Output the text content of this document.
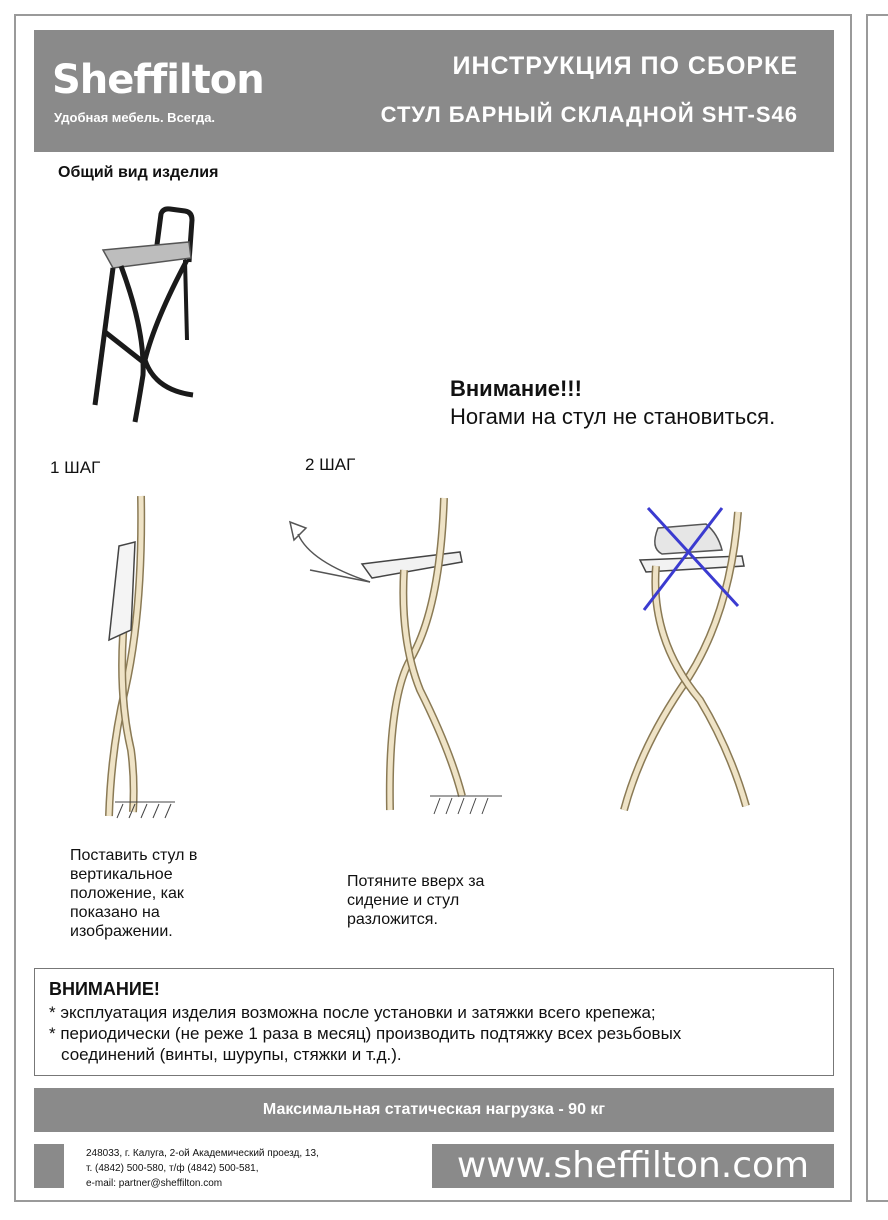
Sheffilton
Удобная мебель. Всегда.
ИНСТРУКЦИЯ ПО СБОРКЕ
СТУЛ БАРНЫЙ СКЛАДНОЙ SHT-S46
Общий вид изделия
Внимание!!!
Ногами на стул не становиться.
1 ШАГ	2 ШАГ
Поставить стул в вертикальное положение, как показано на изображении.
Потяните вверх за сидение и стул разложится.
ВНИМАНИЕ!
* эксплуатация изделия возможна после установки и затяжки всего крепежа;
* периодически (не реже 1 раза в месяц) производить подтяжку всех резьбовых
соединений (винты, шурупы, стяжки и т.д.).
Максимальная статическая нагрузка - 90 кг
248033, г. Калуга, 2-ой Академический проезд, 13,
т. (4842) 500-580, т/ф (4842) 500-581,
e-mail: partner@sheffilton.com	www.sheffilton.com
